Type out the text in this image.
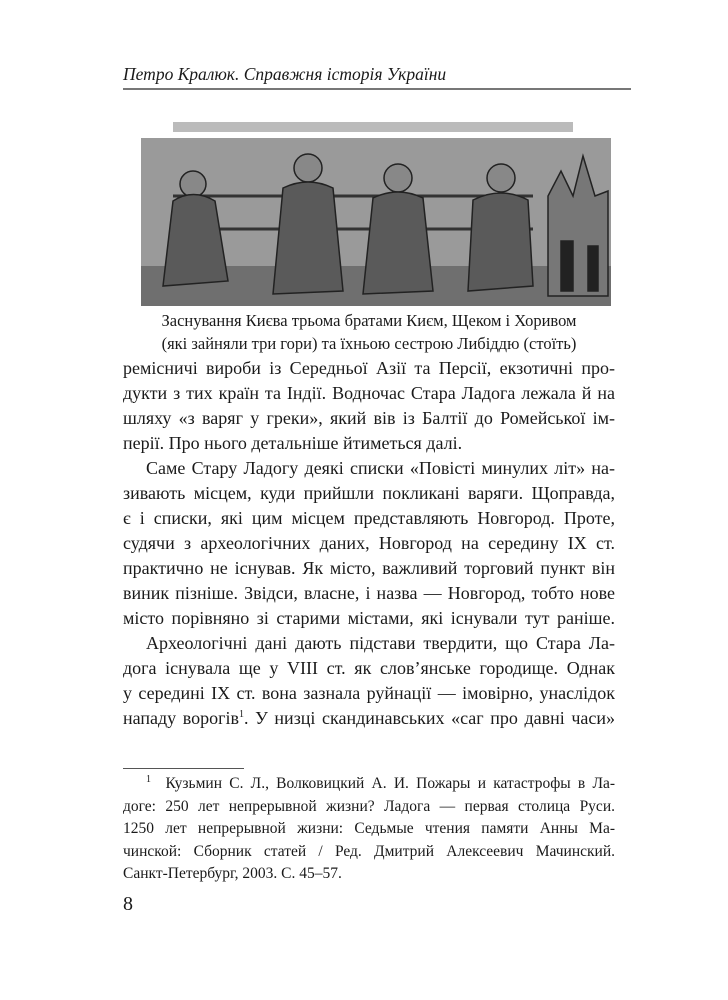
Петро Кралюк. Справжня історія України
Заснування Києва трьома братами Києм, Щеком і Хоривом
(які зайняли три гори) та їхньою сестрою Либiддю (стоїть)
ремісничі вироби із Середньої Азії та Персії, екзотичні про-
дукти з тих країн та Індії. Водночас Стара Ладога лежала й на
шляху «з варяг у греки», який вів із Балтії до Ромейської ім-
перії. Про нього детальніше йтиметься далі.
Саме Стару Ладогу деякі списки «Повісті минулих літ» на-
зивають місцем, куди прийшли покликані варяги. Щоправда,
є і списки, які цим місцем представляють Новгород. Проте,
судячи з археологічних даних, Новгород на середину IX ст.
практично не існував. Як місто, важливий торговий пункт він
виник пізніше. Звідси, власне, і назва — Новгород, тобто нове
місто порівняно зі старими містами, які існували тут раніше.
Археологічні дані дають підстави твердити, що Стара Ла-
дога існувала ще у VIII ст. як слов’янське городище. Однак
у середині IX ст. вона зазнала руйнації — імовірно, унаслідок
нападу ворогів$^1$. У низці скандинавських «саг про давні часи»
$^1$ Кузьмин С. Л., Волковицкий А. И. Пожары и катастрофы в Ла-
доге: 250 лет непрерывной жизни? Ладога — первая столица Руси.
1250 лет непрерывной жизни: Седьмые чтения памяти Анны Ма-
чинской: Сборник статей / Ред. Дмитрий Алексеевич Мачинский.
Санкт-Петербург, 2003. С. 45–57.
8
